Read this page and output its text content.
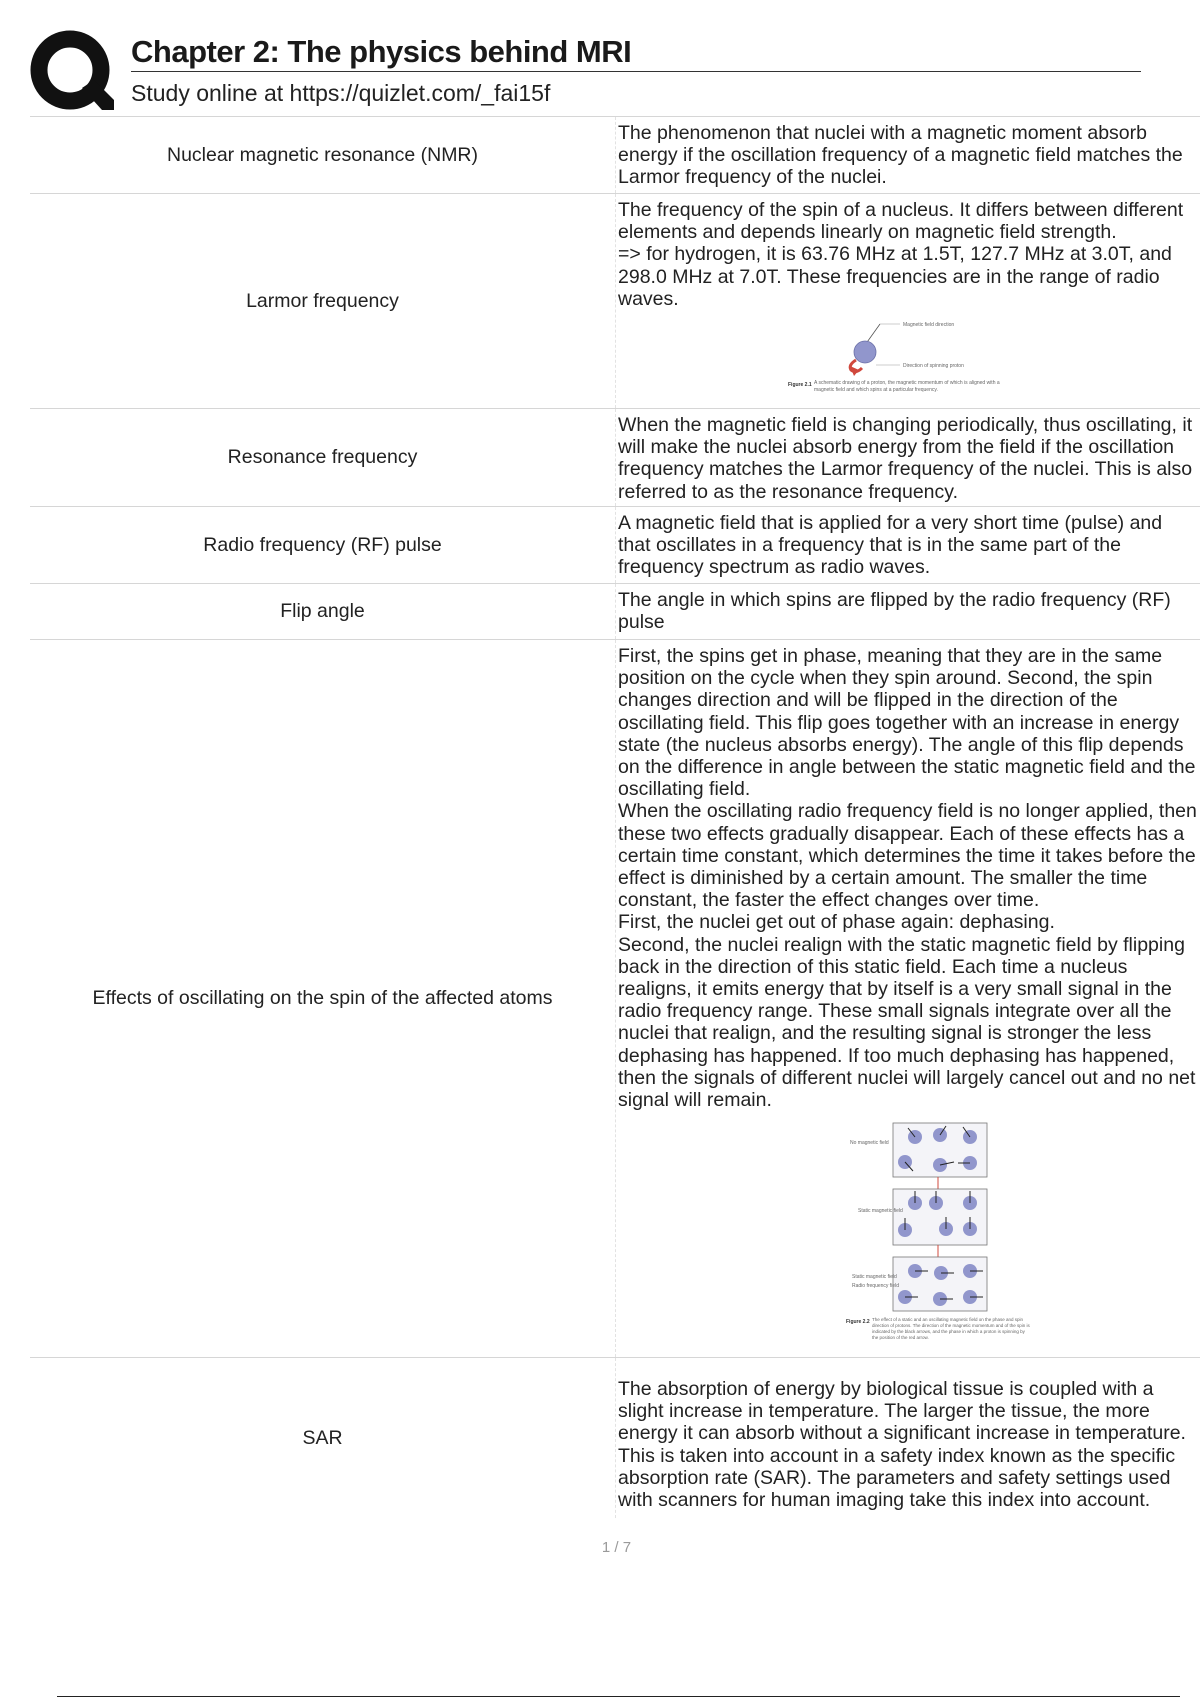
Chapter 2: The physics behind MRI
Study online at https://quizlet.com/_fai15f
Nuclear magnetic resonance (NMR)

The phenomenon that nuclei with a magnetic moment absorb energy if the oscillation frequency of a magnetic field matches the Larmor frequency of the nuclei.

Larmor frequency

The frequency of the spin of a nucleus. It differs between different elements and depends linearly on magnetic field strength.

=> for hydrogen, it is 63.76 MHz at 1.5T, 127.7 MHz at 3.0T, and 298.0 MHz at 7.0T. These frequencies are in the range of radio waves.

Magnetic field direction
Direction of spinning proton
Figure 2.1 A schematic drawing of a proton, the magnetic momentum of which is aligned with a magnetic field and which spins at a particular frequency.
Resonance frequency

When the magnetic field is changing periodically, thus oscillating, it will make the nuclei absorb energy from the field if the oscillation frequency matches the Larmor frequency of the nuclei. This is also referred to as the resonance frequency.

Radio frequency (RF) pulse

A magnetic field that is applied for a very short time (pulse) and that oscillates in a frequency that is in the same part of the frequency spectrum as radio waves.

Flip angle	The angle in which spins are flipped by the radio frequency (RF) pulse

Effects of oscillating on the spin of the affected atoms

First, the spins get in phase, meaning that they are in the same position on the cycle when they spin around. Second, the spin changes direction and will be flipped in the direction of the oscillating field. This flip goes together with an increase in energy state (the nucleus absorbs energy). The angle of this flip depends on the difference in angle between the static magnetic field and the oscillating field.

When the oscillating radio frequency field is no longer applied, then these two effects gradually disappear. Each of these effects has a certain time constant, which determines the time it takes before the effect is diminished by a certain amount. The smaller the time constant, the faster the effect changes over time.

First, the nuclei get out of phase again: dephasing.

Second, the nuclei realign with the static magnetic field by flipping back in the direction of this static field. Each time a nucleus realigns, it emits energy that by itself is a very small signal in the radio frequency range. These small signals integrate over all the nuclei that realign, and the resulting signal is stronger the less dephasing has happened. If too much dephasing has happened, then the signals of different nuclei will largely cancel out and no net signal will remain.

No magnetic field
Static magnetic field
Static magnetic field
Radio frequency field
Figure 2.2 The effect of a static and an oscillating magnetic field on the phase and spin direction of protons. The direction of the magnetic momentum and of the spin is indicated by the black arrows, and the phase in which a proton is spinning by the position of the red arrow.
SAR

The absorption of energy by biological tissue is coupled with a slight increase in temperature. The larger the tissue, the more energy it can absorb without a significant increase in temperature. This is taken into account in a safety index known as the specific absorption rate (SAR). The parameters and safety settings used with scanners for human imaging take this index into account.

1 / 7
